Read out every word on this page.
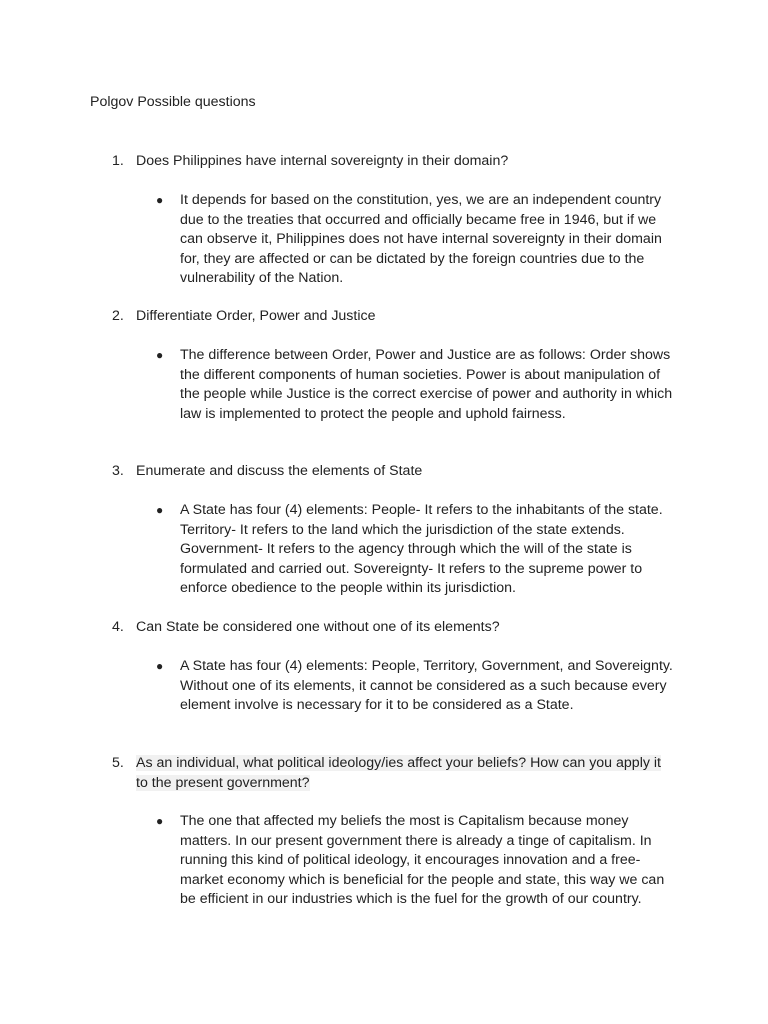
Polgov Possible questions
1. Does Philippines have internal sovereignty in their domain?
● It depends for based on the constitution, yes, we are an independent country due to the treaties that occurred and officially became free in 1946, but if we can observe it, Philippines does not have internal sovereignty in their domain for, they are affected or can be dictated by the foreign countries due to the vulnerability of the Nation.
2. Differentiate Order, Power and Justice
● The difference between Order, Power and Justice are as follows: Order shows the different components of human societies. Power is about manipulation of the people while Justice is the correct exercise of power and authority in which law is implemented to protect the people and uphold fairness.
3. Enumerate and discuss the elements of State
● A State has four (4) elements: People- It refers to the inhabitants of the state. Territory- It refers to the land which the jurisdiction of the state extends. Government- It refers to the agency through which the will of the state is formulated and carried out. Sovereignty- It refers to the supreme power to enforce obedience to the people within its jurisdiction.
4. Can State be considered one without one of its elements?
● A State has four (4) elements: People, Territory, Government, and Sovereignty. Without one of its elements, it cannot be considered as a such because every element involve is necessary for it to be considered as a State.
5. As an individual, what political ideology/ies affect your beliefs? How can you apply it to the present government?
● The one that affected my beliefs the most is Capitalism because money matters. In our present government there is already a tinge of capitalism. In running this kind of political ideology, it encourages innovation and a free-market economy which is beneficial for the people and state, this way we can be efficient in our industries which is the fuel for the growth of our country.
